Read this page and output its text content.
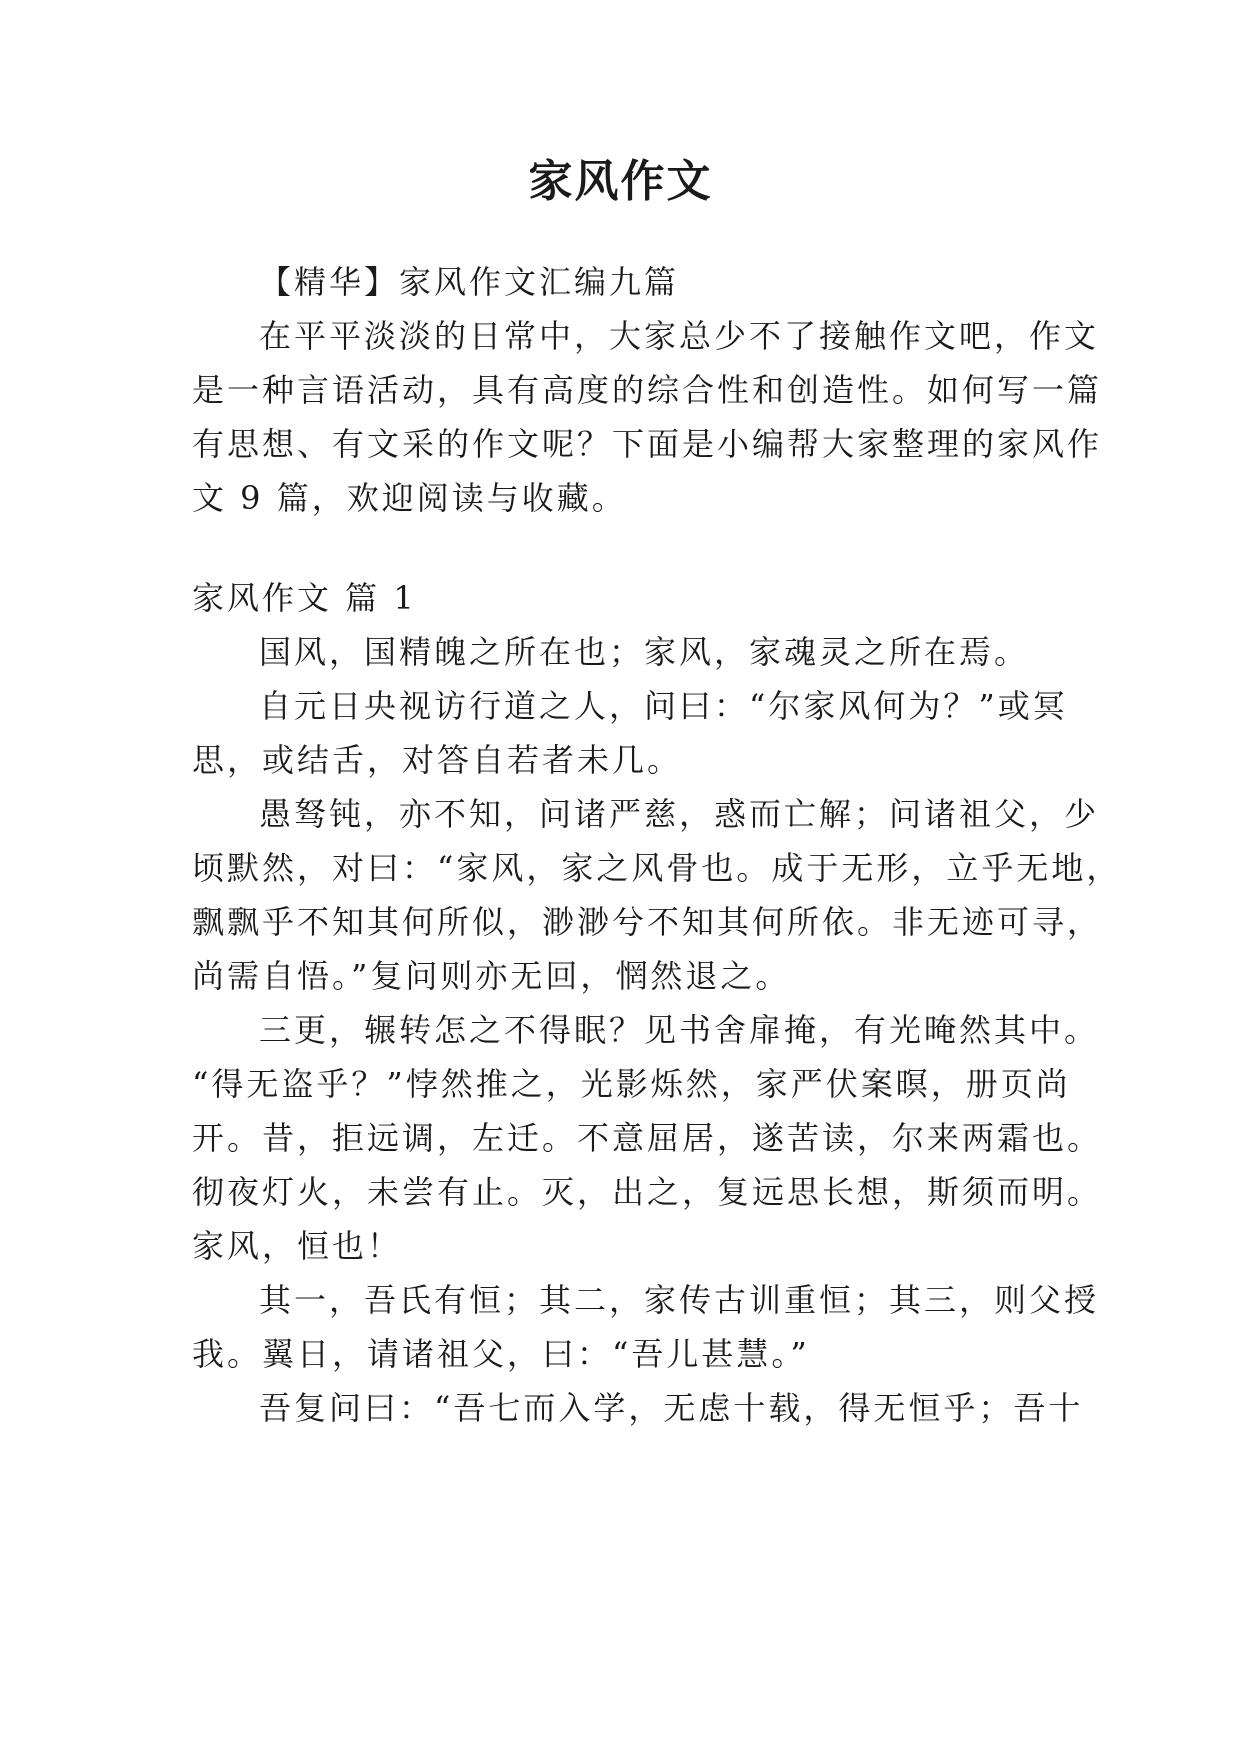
家风作文

【精华】家风作文汇编九篇

在平平淡淡的日常中，大家总少不了接触作文吧，作文

是一种言语活动，具有高度的综合性和创造性。如何写一篇

有思想、有文采的作文呢？下面是小编帮大家整理的家风作

文 9 篇，欢迎阅读与收藏。

家风作文 篇 1

国风，国精魄之所在也；家风，家魂灵之所在焉。

自元日央视访行道之人，问曰：“尔家风何为？”或冥

思，或结舌，对答自若者未几。

愚驽钝，亦不知，问诸严慈，惑而亡解；问诸祖父，少

顷默然，对曰：“家风，家之风骨也。成于无形，立乎无地，

飘飘乎不知其何所似，渺渺兮不知其何所依。非无迹可寻，

尚需自悟。”复问则亦无回，惘然退之。

三更，辗转怎之不得眠？见书舍扉掩，有光晻然其中。

“得无盗乎？”悖然推之，光影烁然，家严伏案暝，册页尚

开。昔，拒远调，左迁。不意屈居，遂苦读，尔来两霜也。

彻夜灯火，未尝有止。灭，出之，复远思长想，斯须而明。

家风，恒也！

其一，吾氏有恒；其二，家传古训重恒；其三，则父授

我。翼日，请诸祖父，曰：“吾儿甚慧。”

吾复问曰：“吾七而入学，无虑十载，得无恒乎；吾十
